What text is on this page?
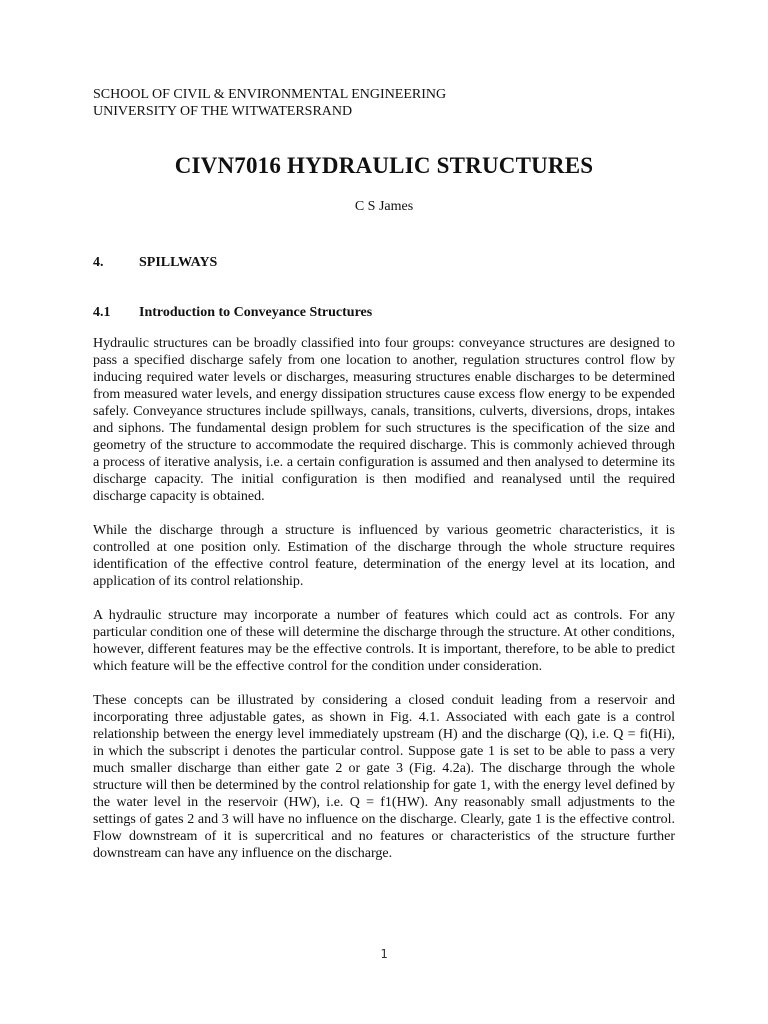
SCHOOL OF CIVIL & ENVIRONMENTAL ENGINEERING
UNIVERSITY OF THE WITWATERSRAND
CIVN7016 HYDRAULIC STRUCTURES
C S James
4.	SPILLWAYS
4.1	Introduction to Conveyance Structures

Hydraulic structures can be broadly classified into four groups: conveyance structures are designed to pass a specified discharge safely from one location to another, regulation structures control flow by inducing required water levels or discharges, measuring structures enable discharges to be determined from measured water levels, and energy dissipation structures cause excess flow energy to be expended safely. Conveyance structures include spillways, canals, transitions, culverts, diversions, drops, intakes and siphons. The fundamental design problem for such structures is the specification of the size and geometry of the structure to accommodate the required discharge. This is commonly achieved through a process of iterative analysis, i.e. a certain configuration is assumed and then analysed to determine its discharge capacity. The initial configuration is then modified and reanalysed until the required discharge capacity is obtained.

While the discharge through a structure is influenced by various geometric characteristics, it is controlled at one position only. Estimation of the discharge through the whole structure requires identification of the effective control feature, determination of the energy level at its location, and application of its control relationship.

A hydraulic structure may incorporate a number of features which could act as controls. For any particular condition one of these will determine the discharge through the structure. At other conditions, however, different features may be the effective controls. It is important, therefore, to be able to predict which feature will be the effective control for the condition under consideration.

These concepts can be illustrated by considering a closed conduit leading from a reservoir and incorporating three adjustable gates, as shown in Fig. 4.1. Associated with each gate is a control relationship between the energy level immediately upstream (H) and the discharge (Q), i.e. Q = fi(Hi), in which the subscript i denotes the particular control. Suppose gate 1 is set to be able to pass a very much smaller discharge than either gate 2 or gate 3 (Fig. 4.2a). The discharge through the whole structure will then be determined by the control relationship for gate 1, with the energy level defined by the water level in the reservoir (HW), i.e. Q = f1(HW). Any reasonably small adjustments to the settings of gates 2 and 3 will have no influence on the discharge. Clearly, gate 1 is the effective control. Flow downstream of it is supercritical and no features or characteristics of the structure further downstream can have any influence on the discharge.

1
